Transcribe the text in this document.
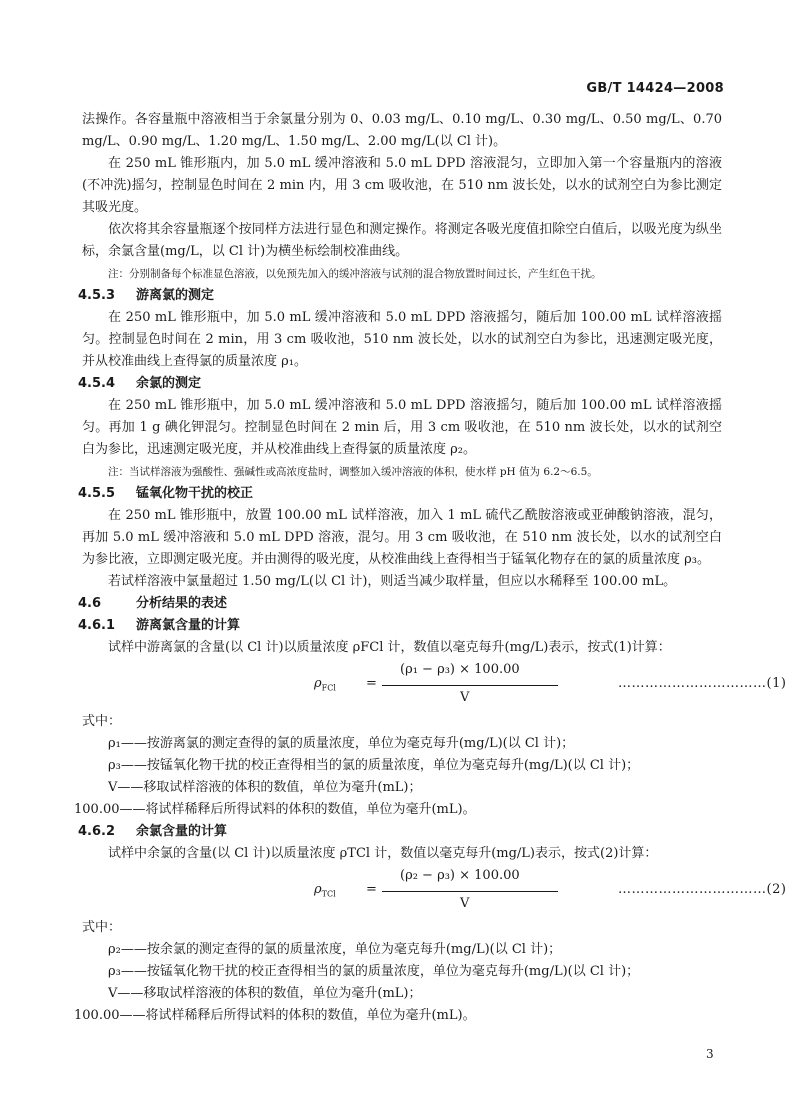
GB/T 14424—2008

法操作。各容量瓶中溶液相当于余氯量分别为 0、0.03 mg/L、0.10 mg/L、0.30 mg/L、0.50 mg/L、0.70 mg/L、0.90 mg/L、1.20 mg/L、1.50 mg/L、2.00 mg/L(以 Cl 计)。

在 250 mL 锥形瓶内，加 5.0 mL 缓冲溶液和 5.0 mL DPD 溶液混匀，立即加入第一个容量瓶内的溶液(不冲洗)摇匀，控制显色时间在 2 min 内，用 3 cm 吸收池，在 510 nm 波长处，以水的试剂空白为参比测定其吸光度。

依次将其余容量瓶逐个按同样方法进行显色和测定操作。将测定各吸光度值扣除空白值后，以吸光度为纵坐标，余氯含量(mg/L，以 Cl 计)为横坐标绘制校准曲线。

注：分别制备每个标准显色溶液，以免预先加入的缓冲溶液与试剂的混合物放置时间过长，产生红色干扰。

4.5.3 游离氯的测定

在 250 mL 锥形瓶中，加 5.0 mL 缓冲溶液和 5.0 mL DPD 溶液摇匀，随后加 100.00 mL 试样溶液摇匀。控制显色时间在 2 min，用 3 cm 吸收池，510 nm 波长处，以水的试剂空白为参比，迅速测定吸光度，并从校准曲线上查得氯的质量浓度 ρ₁。

4.5.4 余氯的测定

在 250 mL 锥形瓶中，加 5.0 mL 缓冲溶液和 5.0 mL DPD 溶液摇匀，随后加 100.00 mL 试样溶液摇匀。再加 1 g 碘化钾混匀。控制显色时间在 2 min 后，用 3 cm 吸收池，在 510 nm 波长处，以水的试剂空白为参比，迅速测定吸光度，并从校准曲线上查得氯的质量浓度 ρ₂。

注：当试样溶液为强酸性、强碱性或高浓度盐时，调整加入缓冲溶液的体积，使水样 pH 值为 6.2～6.5。

4.5.5 锰氧化物干扰的校正

在 250 mL 锥形瓶中，放置 100.00 mL 试样溶液，加入 1 mL 硫代乙酰胺溶液或亚砷酸钠溶液，混匀，再加 5.0 mL 缓冲溶液和 5.0 mL DPD 溶液，混匀。用 3 cm 吸收池，在 510 nm 波长处，以水的试剂空白为参比液，立即测定吸光度。并由测得的吸光度，从校准曲线上查得相当于锰氧化物存在的氯的质量浓度 ρ₃。

若试样溶液中氯量超过 1.50 mg/L(以 Cl 计)，则适当减少取样量，但应以水稀释至 100.00 mL。

4.6	分析结果的表述
4.6.1 游离氯含量的计算

试样中游离氯的含量(以 Cl 计)以质量浓度 ρFCl 计，数值以毫克每升(mg/L)表示，按式(1)计算：

$\rho_{FCl}$ =
(ρ₁ − ρ₃) × 100.00
V
……………………………(1)

式中：

ρ₁——按游离氯的测定查得的氯的质量浓度，单位为毫克每升(mg/L)(以 Cl 计)；

ρ₃——按锰氧化物干扰的校正查得相当的氯的质量浓度，单位为毫克每升(mg/L)(以 Cl 计)；

V——移取试样溶液的体积的数值，单位为毫升(mL)；

100.00——将试样稀释后所得试料的体积的数值，单位为毫升(mL)。

4.6.2 余氯含量的计算

试样中余氯的含量(以 Cl 计)以质量浓度 ρTCl 计，数值以毫克每升(mg/L)表示，按式(2)计算：

$\rho_{TCl}$ =
(ρ₂ − ρ₃) × 100.00
V
……………………………(2)

式中：

ρ₂——按余氯的测定查得的氯的质量浓度，单位为毫克每升(mg/L)(以 Cl 计)；

ρ₃——按锰氧化物干扰的校正查得相当的氯的质量浓度，单位为毫克每升(mg/L)(以 Cl 计)；

V——移取试样溶液的体积的数值，单位为毫升(mL)；

100.00——将试样稀释后所得试料的体积的数值，单位为毫升(mL)。

3
